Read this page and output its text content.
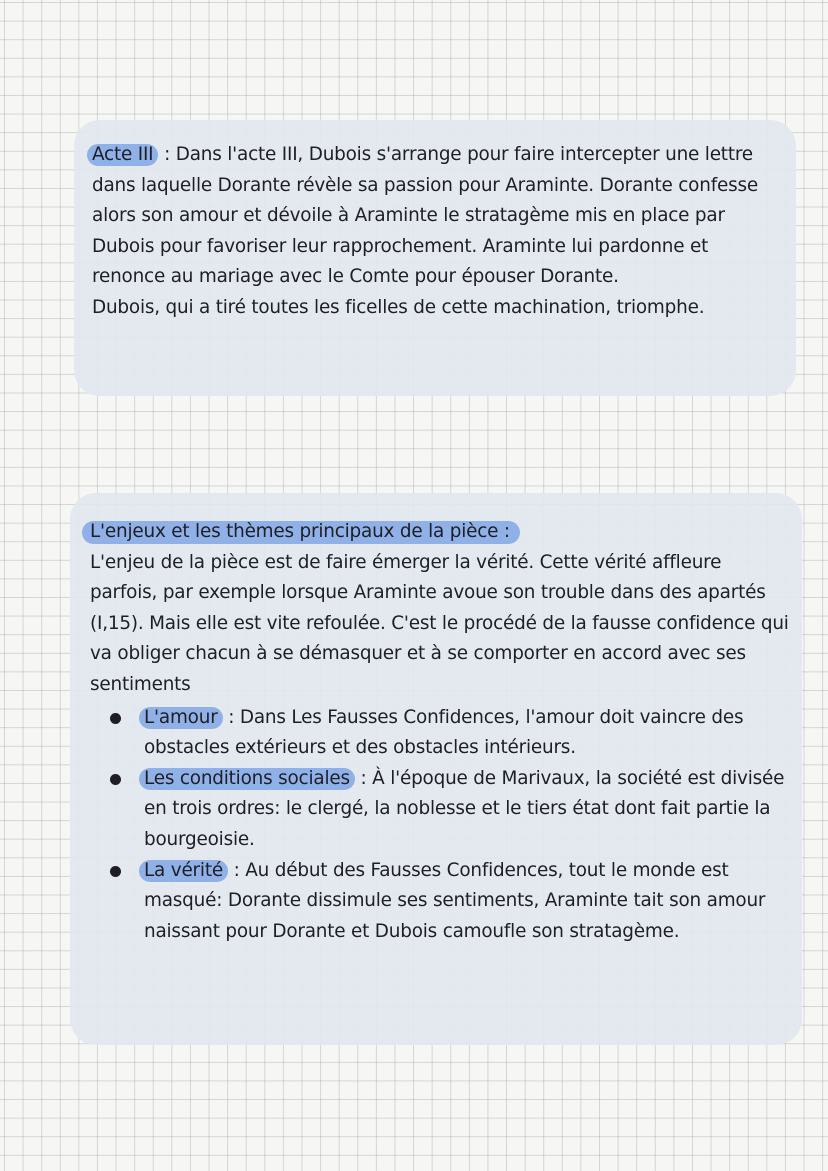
Acte III : Dans l'acte III, Dubois s'arrange pour faire intercepter une lettre dans laquelle Dorante révèle sa passion pour Araminte. Dorante confesse alors son amour et dévoile à Araminte le stratagème mis en place par Dubois pour favoriser leur rapprochement. Araminte lui pardonne et renonce au mariage avec le Comte pour épouser Dorante.

Dubois, qui a tiré toutes les ficelles de cette machination, triomphe.

L'enjeux et les thèmes principaux de la pièce :

L'enjeu de la pièce est de faire émerger la vérité. Cette vérité affleure parfois, par exemple lorsque Araminte avoue son trouble dans des apartés (I,15). Mais elle est vite refoulée. C'est le procédé de la fausse confidence qui va obliger chacun à se démasquer et à se comporter en accord avec ses sentiments

L'amour : Dans Les Fausses Confidences, l'amour doit vaincre des obstacles extérieurs et des obstacles intérieurs.
Les conditions sociales : À l'époque de Marivaux, la société est divisée en trois ordres: le clergé, la noblesse et le tiers état dont fait partie la bourgeoisie.
La vérité : Au début des Fausses Confidences, tout le monde est masqué: Dorante dissimule ses sentiments, Araminte tait son amour naissant pour Dorante et Dubois camoufle son stratagème.
